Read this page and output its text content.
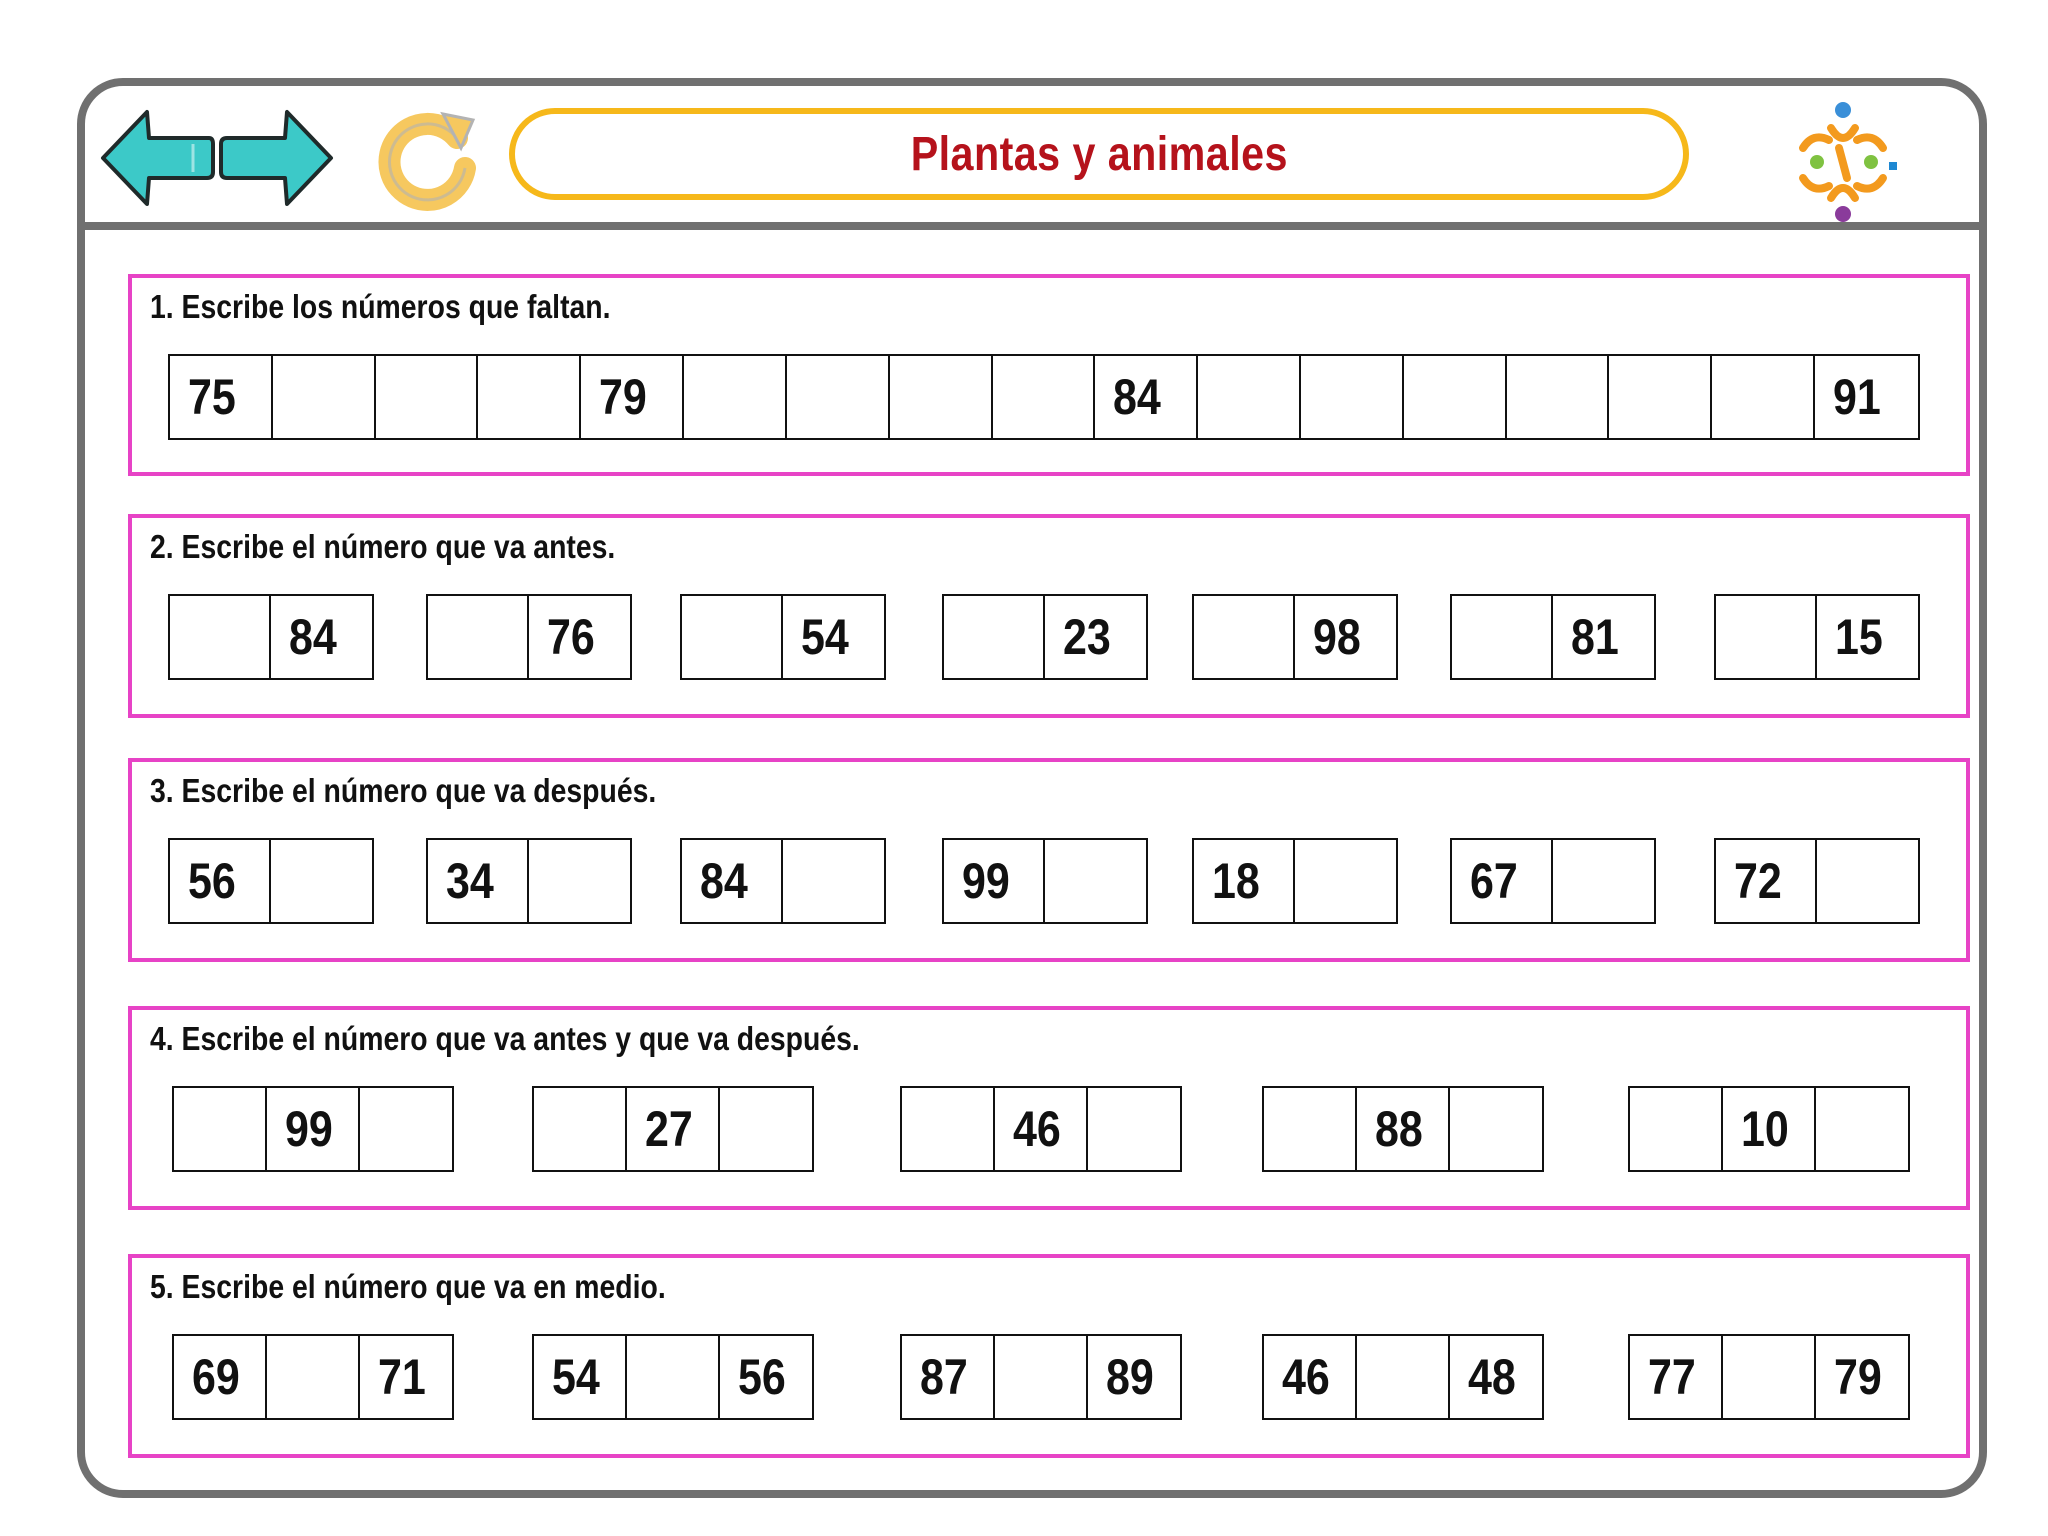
Plantas y animales
1. Escribe los números que faltan.
75	79	84	91
2. Escribe el número que va antes.
84	76	54	23	98	81	15
3. Escribe el número que va después.
56	34	84	99	18	67	72
4. Escribe el número que va antes y que va después.
99	27	46	88	10
5. Escribe el número que va en medio.
69	71	54	56	87	89	46	48	77	79
